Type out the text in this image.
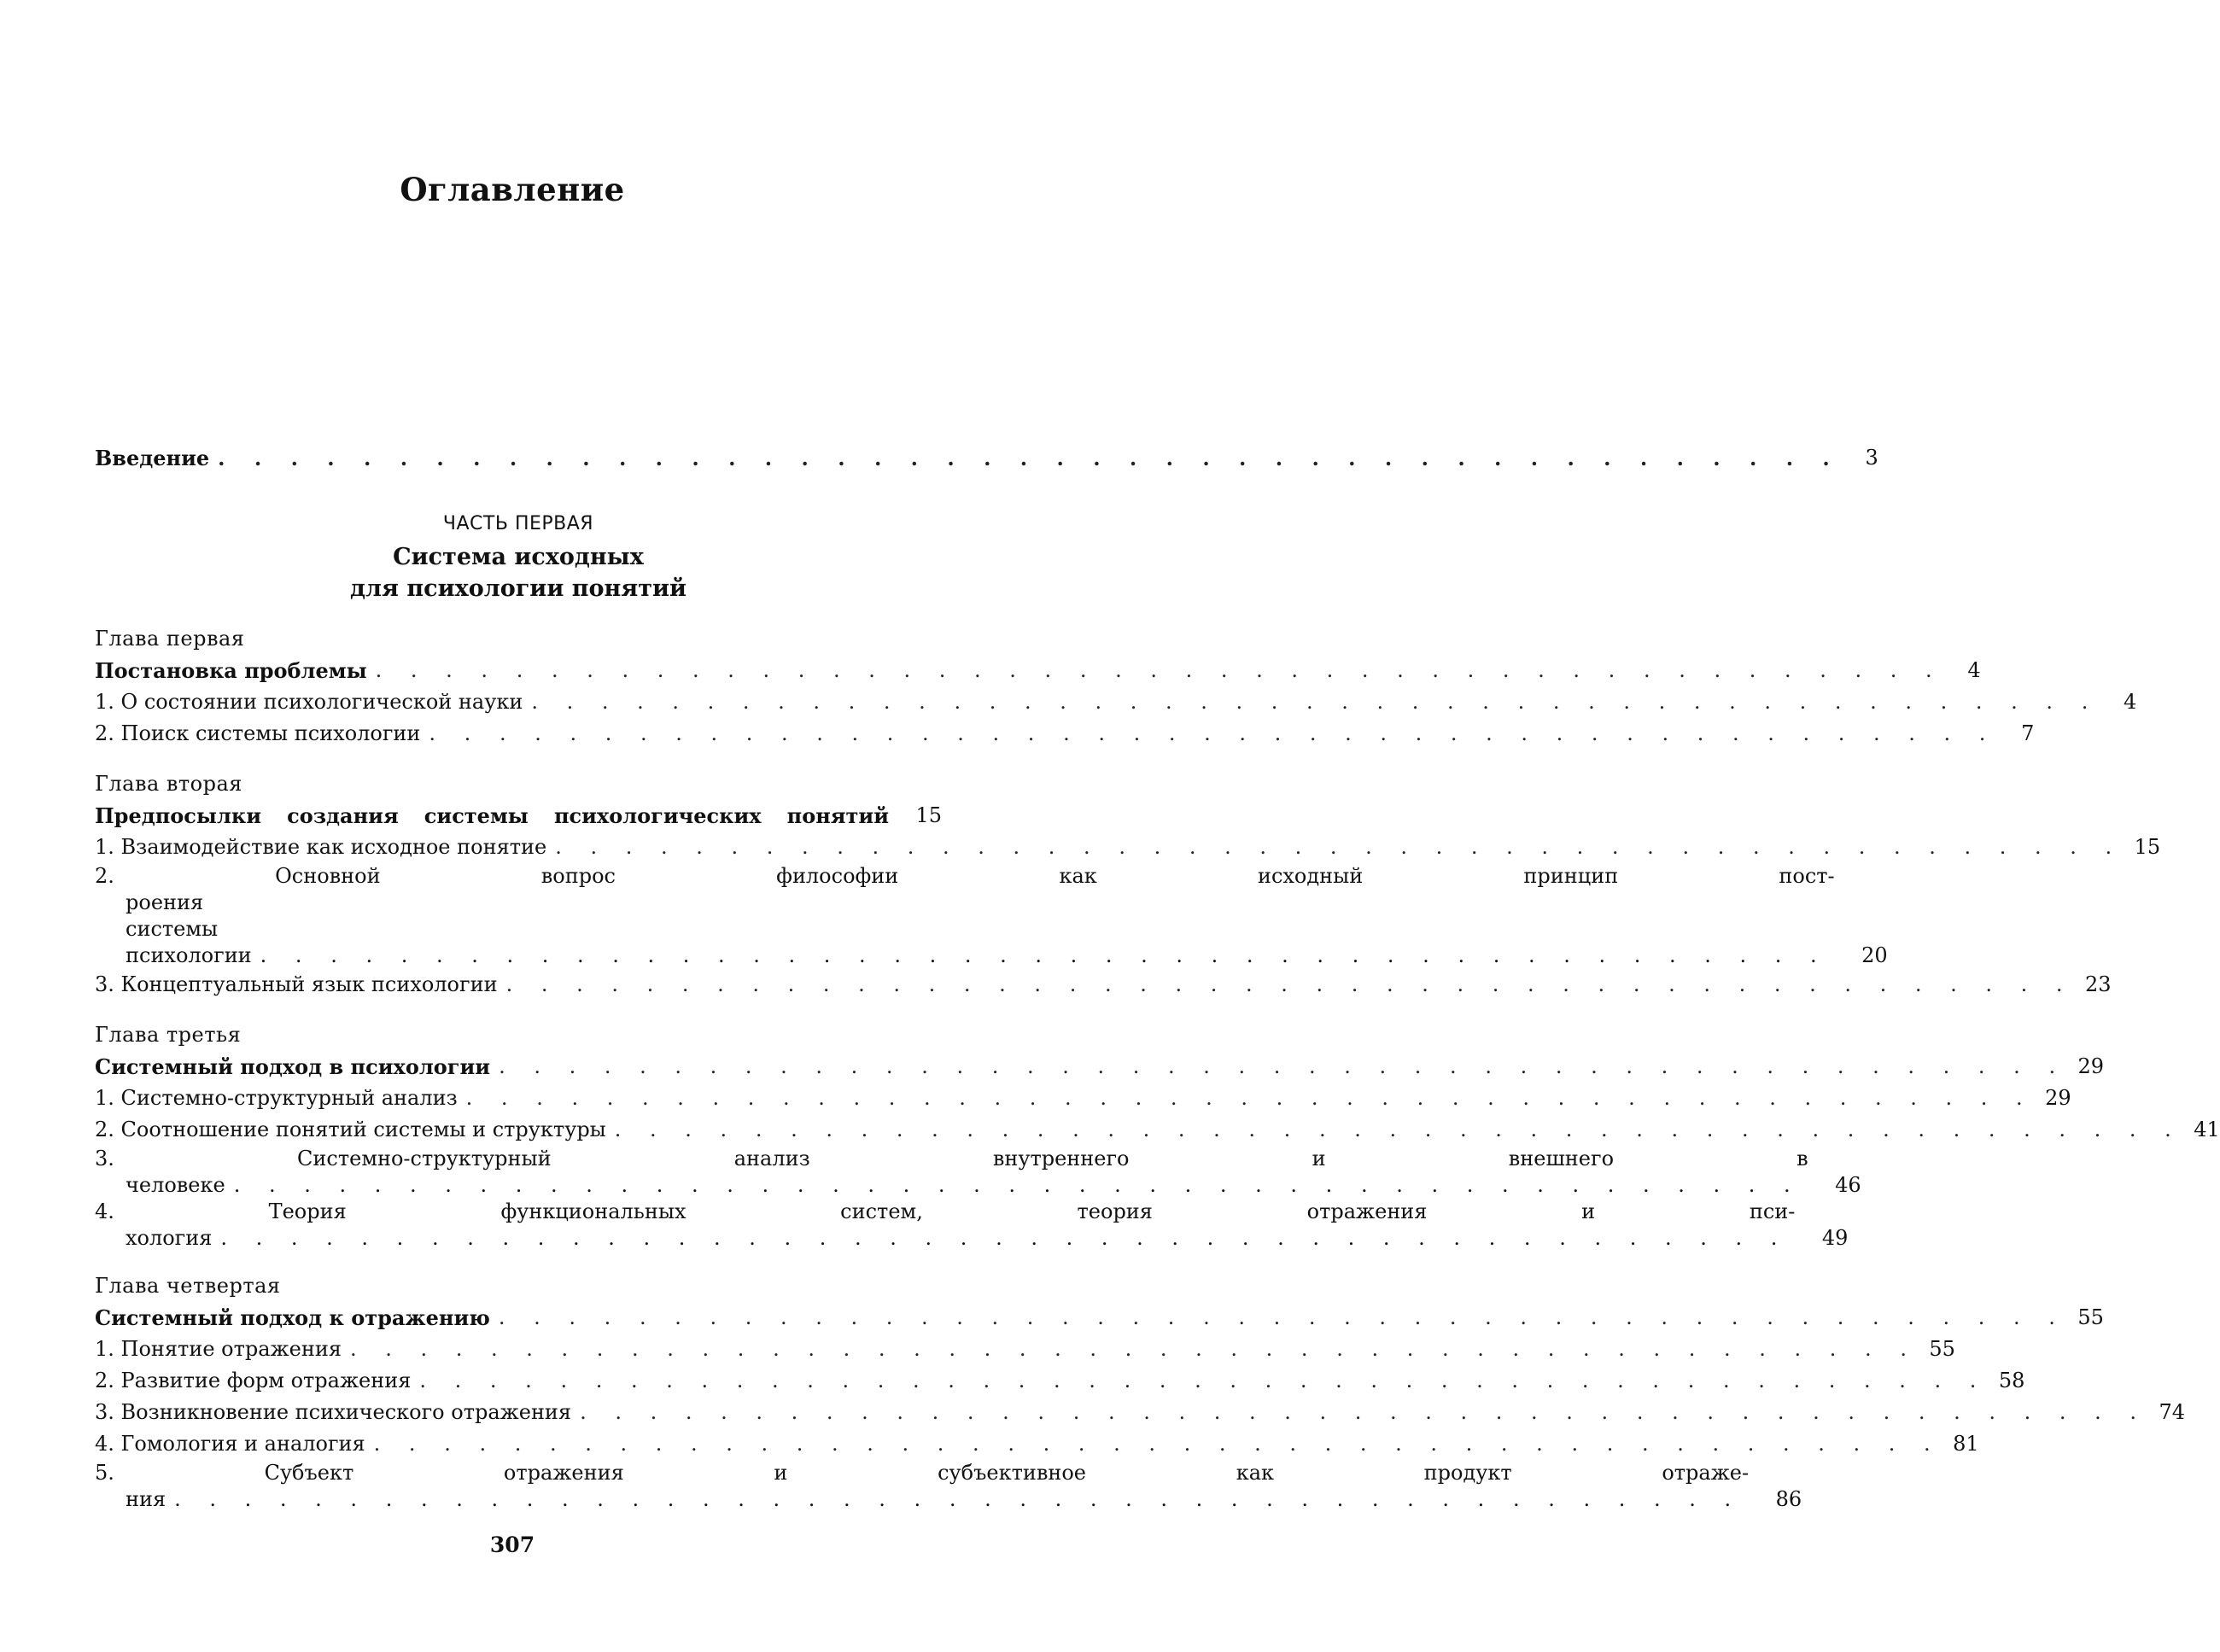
Оглавление
Введение . . . . . . . . . . . . . . . . . . . . . . . . . . . . . . . . . . . . . . . . . . . . .	3
ЧАСТЬ ПЕРВАЯ
Система исходных
для психологии понятий
Глава первая
Постановка проблемы . . . . . . . . . . . . . . . . . . . . . . . . . . . . . . . . . . . . . . . . . . . . .	4
1. О состоянии психологической науки . . . . . . . . . . . . . . . . . . . . . . . . . . . . . . . . . . . . . . . . . . . . .	4
2. Поиск системы психологии . . . . . . . . . . . . . . . . . . . . . . . . . . . . . . . . . . . . . . . . . . . . .	7
Глава вторая
Предпосылки создания системы психологических понятий 15
1. Взаимодействие как исходное понятие . . . . . . . . . . . . . . . . . . . . . . . . . . . . . . . . . . . . . . . . . . . . . 15
2. Основной вопрос философии как исходный принцип пост-
роения системы психологии . . . . . . . . . . . . . . . . . . . . . . . . . . . . . . . . . . . . . . . . . . . . . 20
3. Концептуальный язык психологии . . . . . . . . . . . . . . . . . . . . . . . . . . . . . . . . . . . . . . . . . . . . . 23
Глава третья
Системный подход в психологии . . . . . . . . . . . . . . . . . . . . . . . . . . . . . . . . . . . . . . . . . . . . . 29
1. Системно-структурный анализ . . . . . . . . . . . . . . . . . . . . . . . . . . . . . . . . . . . . . . . . . . . . . 29
2. Соотношение понятий системы и структуры . . . . . . . . . . . . . . . . . . . . . . . . . . . . . . . . . . . . . . . . . . . . . 41
3. Системно-структурный анализ внутреннего и внешнего в
человеке . . . . . . . . . . . . . . . . . . . . . . . . . . . . . . . . . . . . . . . . . . . . . 46
4. Теория функциональных систем, теория отражения и пси-
хология . . . . . . . . . . . . . . . . . . . . . . . . . . . . . . . . . . . . . . . . . . . . . 49
Глава четвертая
Системный подход к отражению . . . . . . . . . . . . . . . . . . . . . . . . . . . . . . . . . . . . . . . . . . . . . 55
1. Понятие отражения . . . . . . . . . . . . . . . . . . . . . . . . . . . . . . . . . . . . . . . . . . . . . 55
2. Развитие форм отражения . . . . . . . . . . . . . . . . . . . . . . . . . . . . . . . . . . . . . . . . . . . . . 58
3. Возникновение психического отражения . . . . . . . . . . . . . . . . . . . . . . . . . . . . . . . . . . . . . . . . . . . . . 74
4. Гомология и аналогия . . . . . . . . . . . . . . . . . . . . . . . . . . . . . . . . . . . . . . . . . . . . . 81
5. Субъект отражения и субъективное как продукт отраже-
ния . . . . . . . . . . . . . . . . . . . . . . . . . . . . . . . . . . . . . . . . . . . . . 86
307
